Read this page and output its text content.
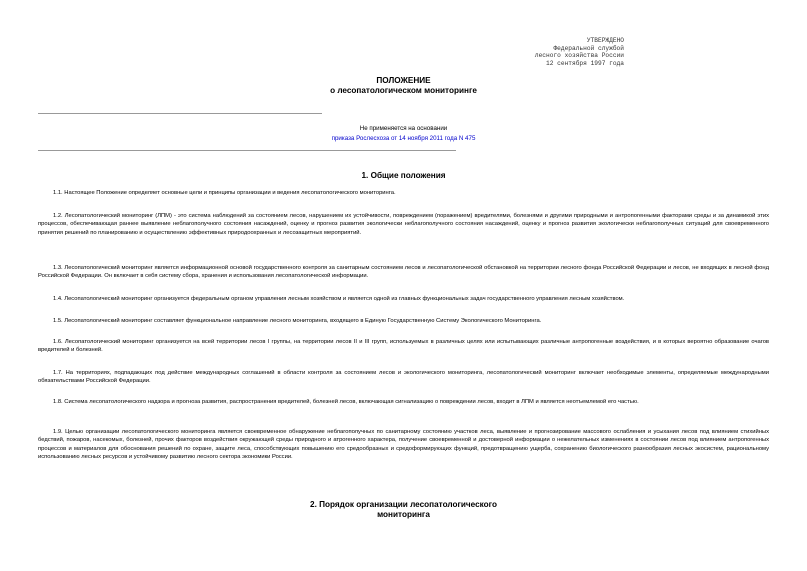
УТВЕРЖДЕНО
Федеральной службой
лесного хозяйства России
12 сентября 1997 года
ПОЛОЖЕНИЕ
о лесопатологическом мониторинге
Не применяется на основании
приказа Рослесхоза от 14 ноября 2011 года N 475
1. Общие положения
1.1. Настоящее Положение определяет основные цели и принципы организации и ведения лесопатологического мониторинга.
1.2. Лесопатологический мониторинг (ЛПМ) - это система наблюдений за состоянием лесов, нарушением их устойчивости, повреждением (поражением) вредителями, болезнями и другими природными и антропогенными факторами среды и за динамикой этих процессов, обеспечивающая раннее выявление неблагополучного состояния насаждений, оценку и прогноз развития экологически неблагополучного состояния насаждений, оценку и прогноз развития экологически неблагополучных ситуаций для своевременного принятия решений по планированию и осуществлению эффективных природоохранных и лесозащитных мероприятий.
1.3. Лесопатологический мониторинг является информационной основой государственного контроля за санитарным состоянием лесов и лесопатологической обстановкой на территории лесного фонда Российской Федерации и лесов, не входящих в лесной фонд Российской Федерации. Он включает в себя систему сбора, хранения и использования лесопатологической информации.
1.4. Лесопатологический мониторинг организуется федеральным органом управления лесным хозяйством и является одной из главных функциональных задач государственного управления лесным хозяйством.
1.5. Лесопатологический мониторинг составляет функциональное направление лесного мониторинга, входящего в Единую Государственную Систему Экологического Мониторинга.
1.6. Лесопатологический мониторинг организуется на всей территории лесов I группы, на территории лесов II и III групп, используемых в различных целях или испытывающих различные антропогенные воздействия, и в которых вероятно образование очагов вредителей и болезней.
1.7. На территориях, подпадающих под действие международных соглашений в области контроля за состоянием лесов и экологического мониторинга, лесопатологический мониторинг включает необходимые элементы, определяемые международными обязательствами Российской Федерации.
1.8. Система лесопатологического надзора и прогноза развития, распространения вредителей, болезней лесов, включающая сигнализацию о повреждении лесов, входит в ЛПМ и является неотъемлемой его частью.
1.9. Целью организации лесопатологического мониторинга является своевременное обнаружение неблагополучных по санитарному состоянию участков леса, выявление и прогнозирование массового ослабления и усыхания лесов под влиянием стихийных бедствий, пожаров, насекомых, болезней, прочих факторов воздействия окружающей среды природного и атрогенного характера, получение своевременной и достоверной информации о нежелательных изменениях в состоянии лесов под влиянием антропогенных процессов и материалов для обоснования решений по охране, защите леса, способствующих повышению его средообразных и средоформирующих функций, предотвращению ущерба, сохранению биологического разнообразия лесных экосистем, рациональному использованию лесных ресурсов и устойчивому развитию лесного сектора экономики России.
2. Порядок организации лесопатологического
мониторинга
